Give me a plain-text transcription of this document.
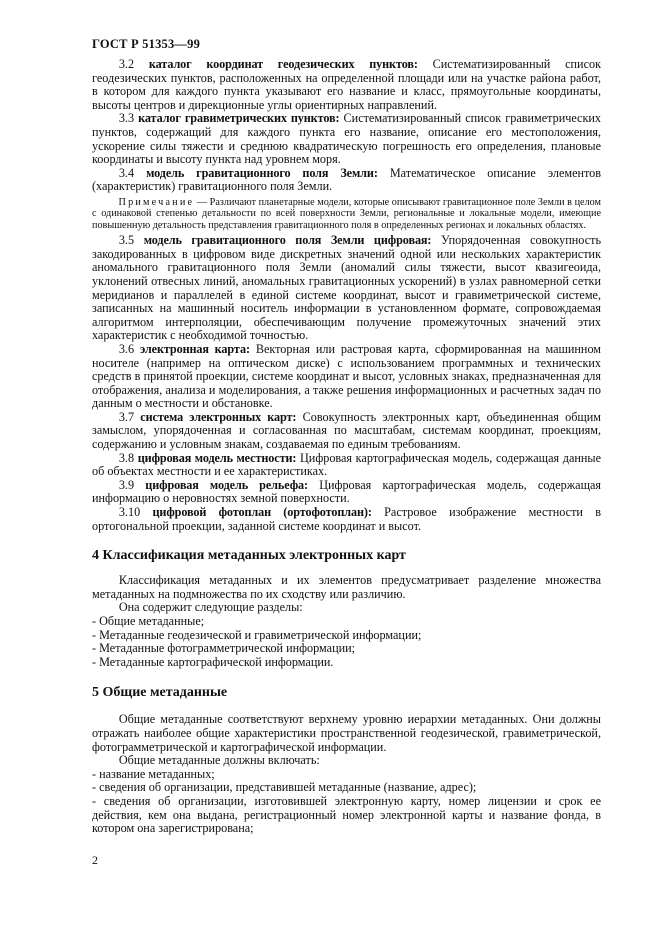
ГОСТ Р 51353—99

3.2 каталог координат геодезических пунктов: Систематизированный список геодезических пунктов, расположенных на определенной площади или на участке района работ, в котором для каждого пункта указывают его название и класс, прямоугольные координаты, высоты центров и дирекционные углы ориентирных направлений.

3.3 каталог гравиметрических пунктов: Систематизированный список гравиметрических пунктов, содержащий для каждого пункта его название, описание его местоположения, ускорение силы тяжести и среднюю квадратическую погрешность его определения, плановые координаты и высоту пункта над уровнем моря.

3.4 модель гравитационного поля Земли: Математическое описание элементов (характеристик) гравитационного поля Земли.

Примечание — Различают планетарные модели, которые описывают гравитационное поле Земли в целом с одинаковой степенью детальности по всей поверхности Земли, региональные и локальные модели, имеющие повышенную детальность представления гравитационного поля в определенных регионах и локальных областях.

3.5 модель гравитационного поля Земли цифровая: Упорядоченная совокупность закодированных в цифровом виде дискретных значений одной или нескольких характеристик аномального гравитационного поля Земли (аномалий силы тяжести, высот квазигеоида, уклонений отвесных линий, аномальных гравитационных ускорений) в узлах равномерной сетки меридианов и параллелей в единой системе координат, высот и гравиметрической системе, записанных на машинный носитель информации в установленном формате, сопровождаемая алгоритмом интерполяции, обеспечивающим получение промежуточных значений этих характеристик с необходимой точностью.

3.6 электронная карта: Векторная или растровая карта, сформированная на машинном носителе (например на оптическом диске) с использованием программных и технических средств в принятой проекции, системе координат и высот, условных знаках, предназначенная для отображения, анализа и моделирования, а также решения информационных и расчетных задач по данным о местности и обстановке.

3.7 система электронных карт: Совокупность электронных карт, объединенная общим замыслом, упорядоченная и согласованная по масштабам, системам координат, проекциям, содержанию и условным знакам, создаваемая по единым требованиям.

3.8 цифровая модель местности: Цифровая картографическая модель, содержащая данные об объектах местности и ее характеристиках.

3.9 цифровая модель рельефа: Цифровая картографическая модель, содержащая информацию о неровностях земной поверхности.

3.10 цифровой фотоплан (ортофотоплан): Растровое изображение местности в ортогональной проекции, заданной системе координат и высот.

4 Классификация метаданных электронных карт

Классификация метаданных и их элементов предусматривает разделение множества метаданных на подмножества по их сходству или различию.

Она содержит следующие разделы:

- Общие метаданные;

- Метаданные геодезической и гравиметрической информации;

- Метаданные фотограмметрической информации;

- Метаданные картографической информации.

5 Общие метаданные

Общие метаданные соответствуют верхнему уровню иерархии метаданных. Они должны отражать наиболее общие характеристики пространственной геодезической, гравиметрической, фотограмметрической и картографической информации.

Общие метаданные должны включать:

- название метаданных;

- сведения об организации, представившей метаданные (название, адрес);

- сведения об организации, изготовившей электронную карту, номер лицензии и срок ее действия, кем она выдана, регистрационный номер электронной карты и название фонда, в котором она зарегистрирована;

2
